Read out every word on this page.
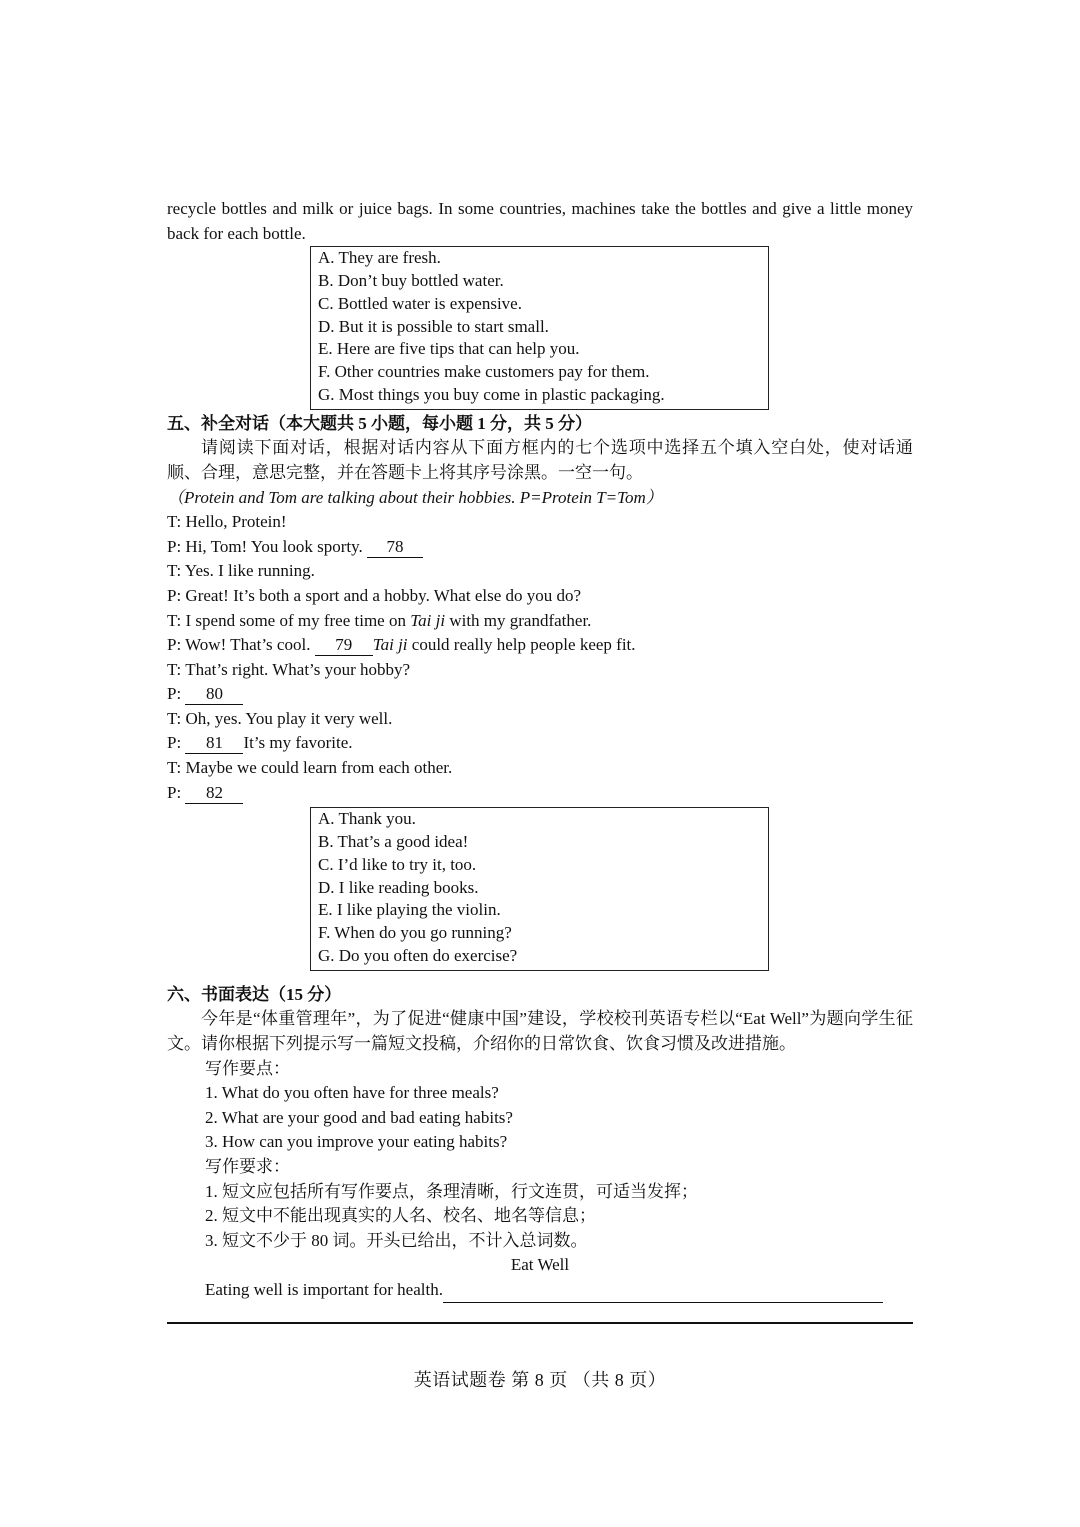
recycle bottles and milk or juice bags. In some countries, machines take the bottles and give a little money back for each bottle.

A. They are fresh.
B. Don’t buy bottled water.
C. Bottled water is expensive.
D. But it is possible to start small.
E. Here are five tips that can help you.
F. Other countries make customers pay for them.
G. Most things you buy come in plastic packaging.
五、补全对话（本大题共 5 小题，每小题 1 分，共 5 分）

请阅读下面对话，根据对话内容从下面方框内的七个选项中选择五个填入空白处，使对话通顺、合理，意思完整，并在答题卡上将其序号涂黑。一空一句。

（Protein and Tom are talking about their hobbies. P=Protein T=Tom）

T: Hello, Protein!
P: Hi, Tom! You look sporty. 78
T: Yes. I like running.
P: Great! It’s both a sport and a hobby. What else do you do?
T: I spend some of my free time on Tai ji with my grandfather.
P: Wow! That’s cool. 79 Tai ji could really help people keep fit.
T: That’s right. What’s your hobby?
P: 80
T: Oh, yes. You play it very well.
P: 81 It’s my favorite.
T: Maybe we could learn from each other.
P: 82
A. Thank you.
B. That’s a good idea!
C. I’d like to try it, too.
D. I like reading books.
E. I like playing the violin.
F. When do you go running?
G. Do you often do exercise?
六、书面表达（15 分）

今年是“体重管理年”，为了促进“健康中国”建设，学校校刊英语专栏以“Eat Well”为题向学生征文。请你根据下列提示写一篇短文投稿，介绍你的日常饮食、饮食习惯及改进措施。

写作要点：
1. What do you often have for three meals?
2. What are your good and bad eating habits?
3. How can you improve your eating habits?
写作要求：
1. 短文应包括所有写作要点，条理清晰，行文连贯，可适当发挥；
2. 短文中不能出现真实的人名、校名、地名等信息；
3. 短文不少于 80 词。开头已给出，不计入总词数。
Eat Well
Eating well is important for health.
英语试题卷 第 8 页 （共 8 页）
